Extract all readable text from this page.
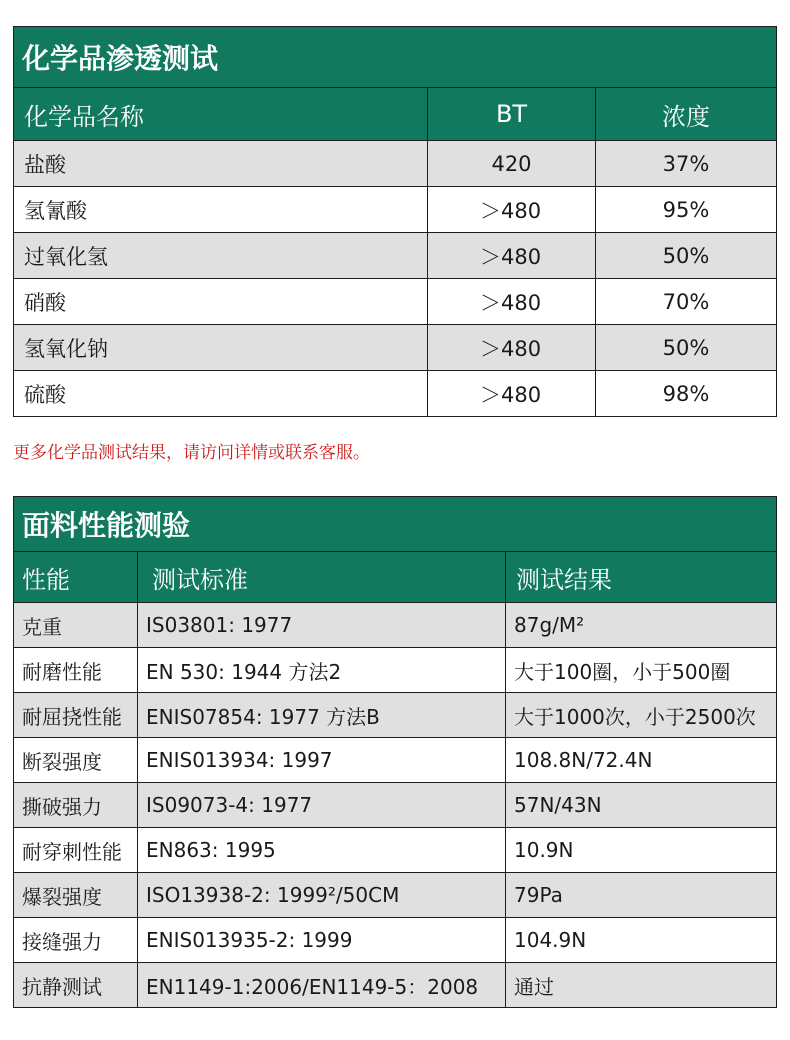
化学品渗透测试		
化学品名称	BT	浓度
盐酸	420	37%
氢氰酸	＞480	95%
过氧化氢	＞480	50%
硝酸	＞480	70%
氢氧化钠	＞480	50%
硫酸	＞480	98%
更多化学品测试结果，请访问详情或联系客服。
面料性能测验		
性能	测试标准	测试结果
克重	IS03801: 1977	87g/M²
耐磨性能	EN 530: 1944 方法2	大于100圈，小于500圈
耐屈挠性能	ENIS07854: 1977 方法B	大于1000次，小于2500次
断裂强度	ENIS013934: 1997	108.8N/72.4N
撕破强力	IS09073-4: 1977	57N/43N
耐穿刺性能	EN863: 1995	10.9N
爆裂强度	ISO13938-2: 1999²/50CM	79Pa
接缝强力	ENIS013935-2: 1999	104.9N
抗静测试	EN1149-1:2006/EN1149-5：2008	通过
